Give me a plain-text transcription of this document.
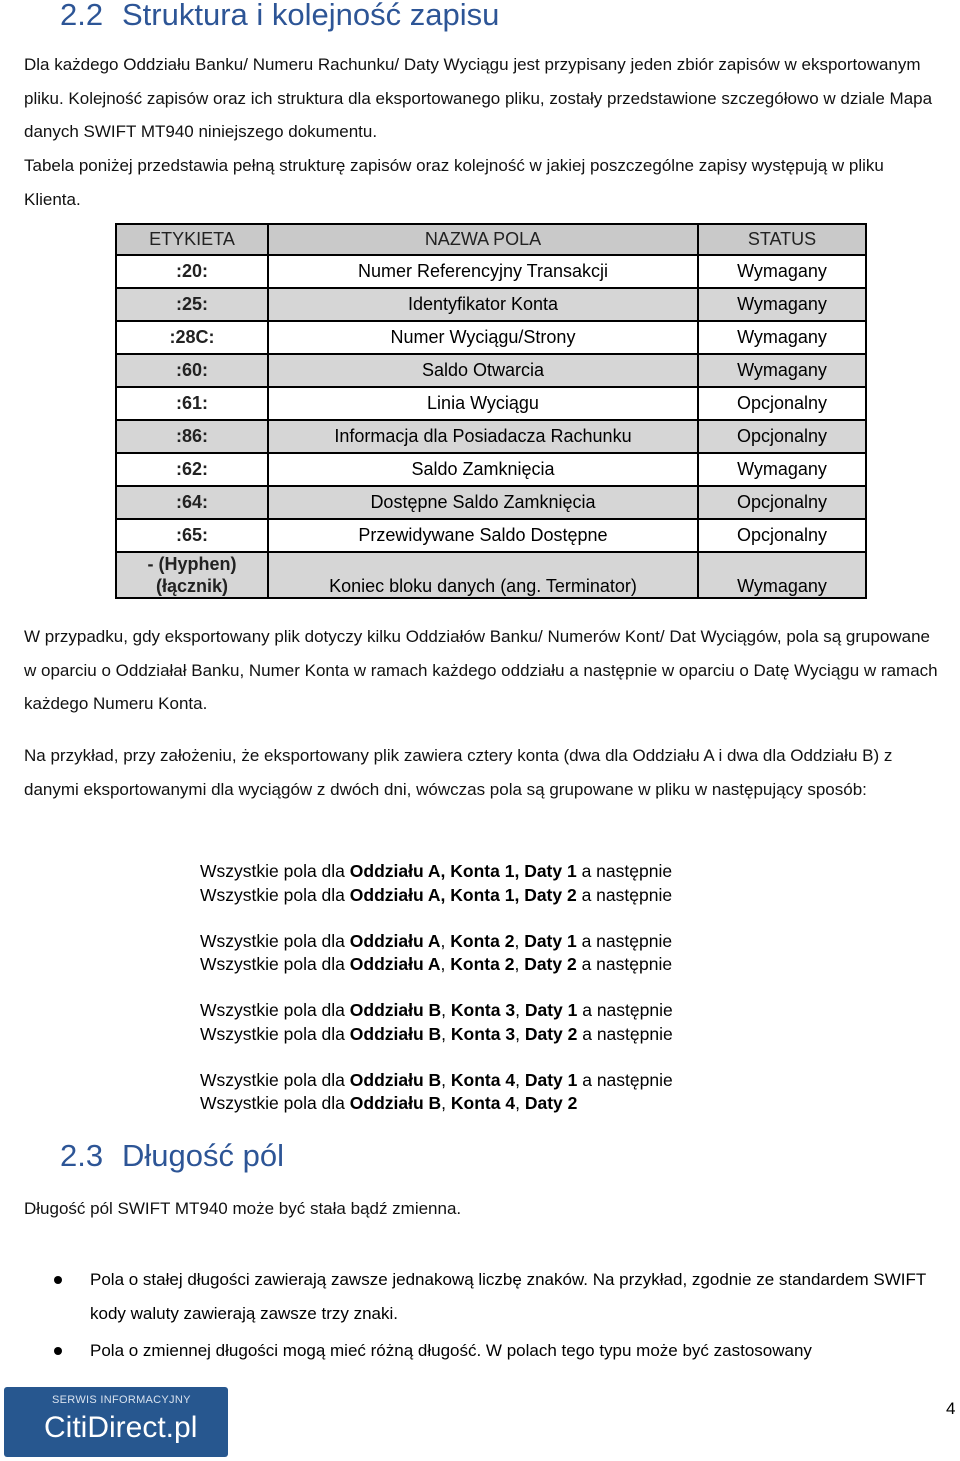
2.2 Struktura i kolejność zapisu
Dla każdego Oddziału Banku/ Numeru Rachunku/ Daty Wyciągu jest przypisany jeden zbiór zapisów w eksportowanym pliku. Kolejność zapisów oraz ich struktura dla eksportowanego pliku, zostały przedstawione szczegółowo w dziale Mapa danych SWIFT MT940 niniejszego dokumentu.
Tabela poniżej przedstawia pełną strukturę zapisów oraz kolejność w jakiej poszczególne zapisy występują w pliku Klienta.
ETYKIETA	NAZWA POLA	STATUS
:20:	Numer Referencyjny Transakcji	Wymagany
:25:	Identyfikator Konta	Wymagany
:28C:	Numer Wyciągu/Strony	Wymagany
:60:	Saldo Otwarcia	Wymagany
:61:	Linia Wyciągu	Opcjonalny
:86:	Informacja dla Posiadacza Rachunku	Opcjonalny
:62:	Saldo Zamknięcia	Wymagany
:64:	Dostępne Saldo Zamknięcia	Opcjonalny
:65:	Przewidywane Saldo Dostępne	Opcjonalny

- (Hyphen)
(łącznik)	Koniec bloku danych (ang. Terminator)	Wymagany
W przypadku, gdy eksportowany plik dotyczy kilku Oddziałów Banku/ Numerów Kont/ Dat Wyciągów, pola są grupowane w oparciu o Oddziałał Banku, Numer Konta w ramach każdego oddziału a następnie w oparciu o Datę Wyciągu w ramach każdego Numeru Konta.
Na przykład, przy założeniu, że eksportowany plik zawiera cztery konta (dwa dla Oddziału A i dwa dla Oddziału B) z danymi eksportowanymi dla wyciągów z dwóch dni, wówczas pola są grupowane w pliku w następujący sposób:
Wszystkie pola dla Oddziału A, Konta 1, Daty 1 a następnie
Wszystkie pola dla Oddziału A, Konta 1, Daty 2 a następnie
Wszystkie pola dla Oddziału A, Konta 2, Daty 1 a następnie
Wszystkie pola dla Oddziału A, Konta 2, Daty 2 a następnie
Wszystkie pola dla Oddziału B, Konta 3, Daty 1 a następnie
Wszystkie pola dla Oddziału B, Konta 3, Daty 2 a następnie
Wszystkie pola dla Oddziału B, Konta 4, Daty 1 a następnie
Wszystkie pola dla Oddziału B, Konta 4, Daty 2
2.3 Długość pól
Długość pól SWIFT MT940 może być stała bądź zmienna.
Pola o stałej długości zawierają zawsze jednakową liczbę znaków. Na przykład, zgodnie ze standardem SWIFT kody waluty zawierają zawsze trzy znaki.
Pola o zmiennej długości mogą mieć różną długość. W polach tego typu może być zastosowany
SERWIS INFORMACYJNY
CitiDirect.pl
4
